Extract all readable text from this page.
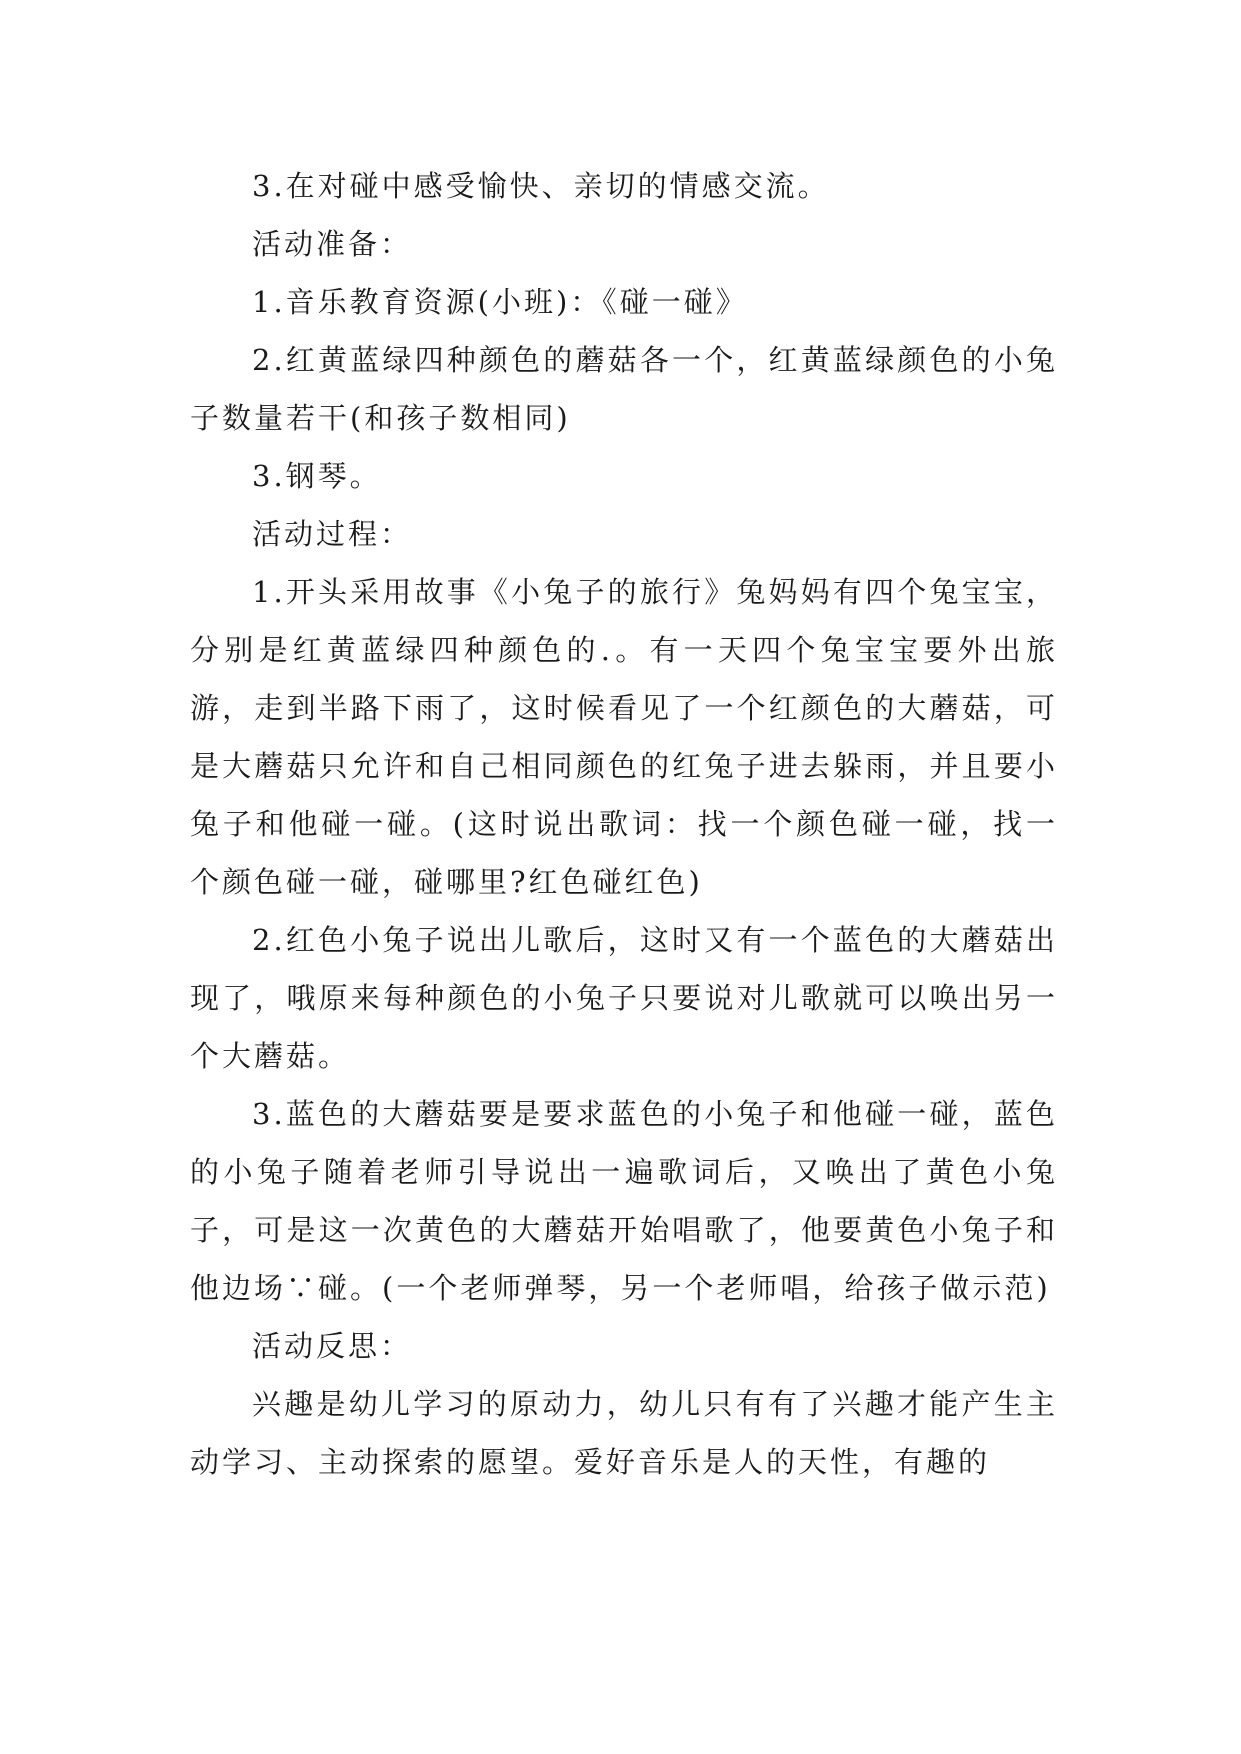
3.在对碰中感受愉快、亲切的情感交流。

活动准备：

1.音乐教育资源(小班)：《碰一碰》

2.红黄蓝绿四种颜色的蘑菇各一个，红黄蓝绿颜色的小兔子数量若干(和孩子数相同)

3.钢琴。

活动过程：

1.开头采用故事《小兔子的旅行》兔妈妈有四个兔宝宝，分别是红黄蓝绿四种颜色的.。有一天四个兔宝宝要外出旅游，走到半路下雨了，这时候看见了一个红颜色的大蘑菇，可是大蘑菇只允许和自己相同颜色的红兔子进去躲雨，并且要小兔子和他碰一碰。(这时说出歌词：找一个颜色碰一碰，找一个颜色碰一碰，碰哪里?红色碰红色)

2.红色小兔子说出儿歌后，这时又有一个蓝色的大蘑菇出现了，哦原来每种颜色的小兔子只要说对儿歌就可以唤出另一个大蘑菇。

3.蓝色的大蘑菇要是要求蓝色的小兔子和他碰一碰，蓝色的小兔子随着老师引导说出一遍歌词后，又唤出了黄色小兔子，可是这一次黄色的大蘑菇开始唱歌了，他要黄色小兔子和他边场∵碰。(一个老师弹琴，另一个老师唱，给孩子做示范)

活动反思：

兴趣是幼儿学习的原动力，幼儿只有有了兴趣才能产生主动学习、主动探索的愿望。爱好音乐是人的天性，有趣的
